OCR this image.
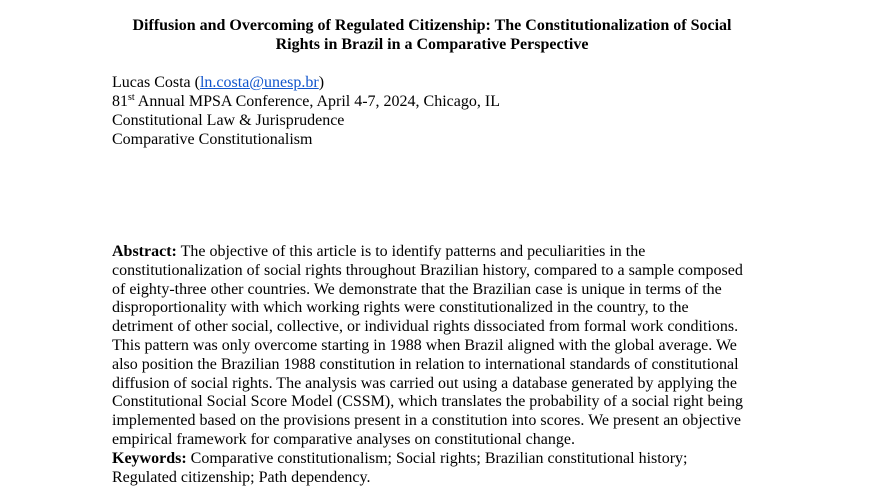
Diffusion and Overcoming of Regulated Citizenship: The Constitutionalization of Social
Rights in Brazil in a Comparative Perspective
Lucas Costa (ln.costa@unesp.br)
81st Annual MPSA Conference, April 4-7, 2024, Chicago, IL
Constitutional Law & Jurisprudence
Comparative Constitutionalism
Abstract: The objective of this article is to identify patterns and peculiarities in the
constitutionalization of social rights throughout Brazilian history, compared to a sample composed
of eighty-three other countries. We demonstrate that the Brazilian case is unique in terms of the
disproportionality with which working rights were constitutionalized in the country, to the
detriment of other social, collective, or individual rights dissociated from formal work conditions.
This pattern was only overcome starting in 1988 when Brazil aligned with the global average. We
also position the Brazilian 1988 constitution in relation to international standards of constitutional
diffusion of social rights. The analysis was carried out using a database generated by applying the
Constitutional Social Score Model (CSSM), which translates the probability of a social right being
implemented based on the provisions present in a constitution into scores. We present an objective
empirical framework for comparative analyses on constitutional change.
Keywords: Comparative constitutionalism; Social rights; Brazilian constitutional history;
Regulated citizenship; Path dependency.
